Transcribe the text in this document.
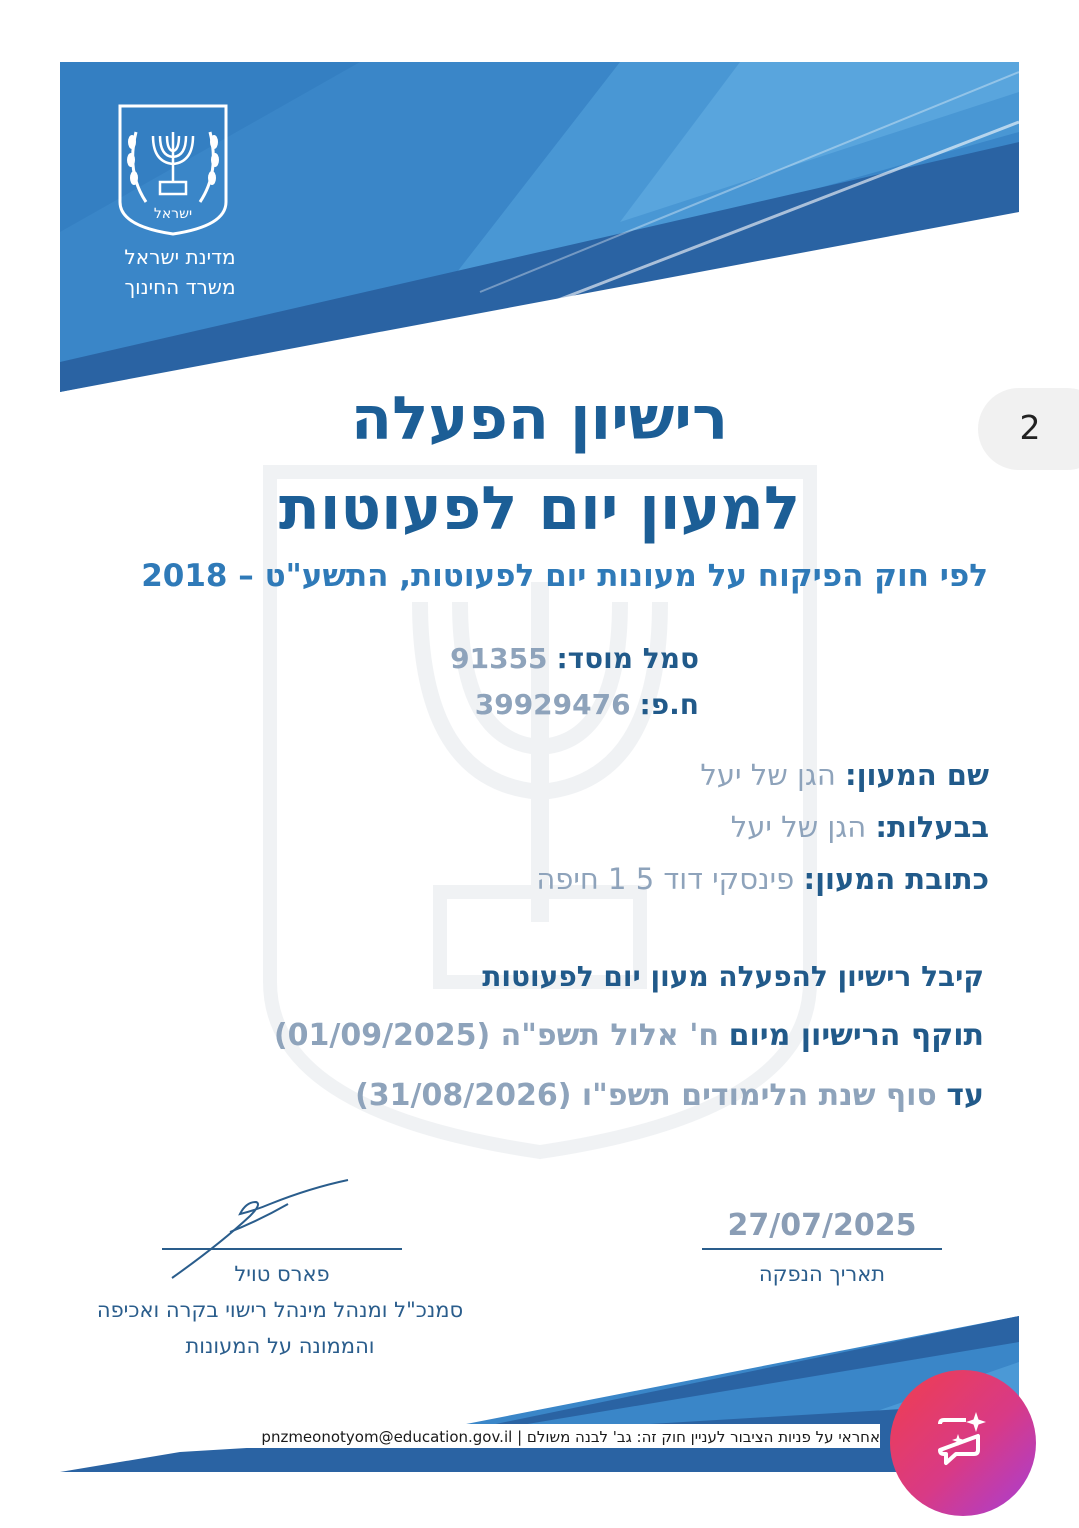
ישראל
מדינת ישראל
משרד החינוך
רישיון הפעלה
למעון יום לפעוטות
לפי חוק הפיקוח על מעונות יום לפעוטות, התשע"ט – 2018
סמל מוסד: 91355
ח.פ: 39929476
שם המעון: הגן של יעל
בבעלות: הגן של יעל
כתובת המעון: פינסקי דוד 5 1 חיפה
קיבל רישיון להפעלה מעון יום לפעוטות
תוקף הרישיון מיום ח' אלול תשפ"ה (01/09/2025)
עד סוף שנת הלימודים תשפ"ו (31/08/2026)
27/07/2025
תאריך הנפקה
פארס טויל
סמנכ"ל ומנהל מינהל רישוי בקרה ואכיפה
והממונה על המעונות
אחראי על פניות הציבור לעניין חוק זה: גב' לבנה משולם | pnzmeonotyom@education.gov.il
2
